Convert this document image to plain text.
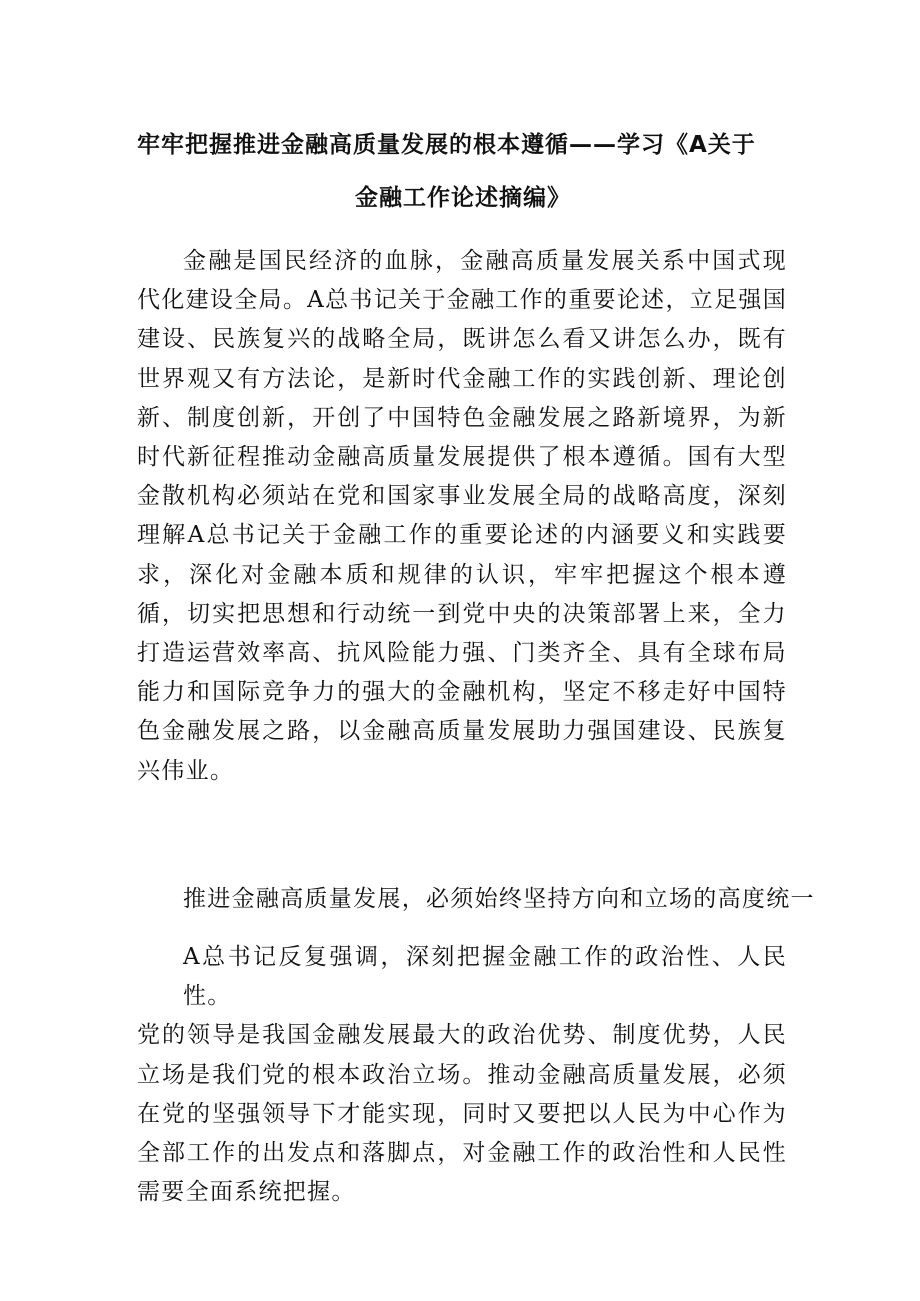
牢牢把握推进金融高质量发展的根本遵循——学习《A关于
金融工作论述摘编》
金融是国民经济的血脉，金融高质量发展关系中国式现代化建设全局。A总书记关于金融工作的重要论述，立足强国建设、民族复兴的战略全局，既讲怎么看又讲怎么办，既有世界观又有方法论，是新时代金融工作的实践创新、理论创新、制度创新，开创了中国特色金融发展之路新境界，为新时代新征程推动金融高质量发展提供了根本遵循。国有大型金散机构必须站在党和国家事业发展全局的战略高度，深刻理解A总书记关于金融工作的重要论述的内涵要义和实践要求，深化对金融本质和规律的认识，牢牢把握这个根本遵循，切实把思想和行动统一到党中央的决策部署上来，全力打造运营效率高、抗风险能力强、门类齐全、具有全球布局能力和国际竞争力的强大的金融机构，坚定不移走好中国特色金融发展之路，以金融高质量发展助力强国建设、民族复兴伟业。
推进金融高质量发展，必须始终坚持方向和立场的高度统一
A总书记反复强调，深刻把握金融工作的政治性、人民性。
党的领导是我国金融发展最大的政治优势、制度优势，人民立场是我们党的根本政治立场。推动金融高质量发展，必须在党的坚强领导下才能实现，同时又要把以人民为中心作为全部工作的出发点和落脚点，对金融工作的政治性和人民性需要全面系统把握。
